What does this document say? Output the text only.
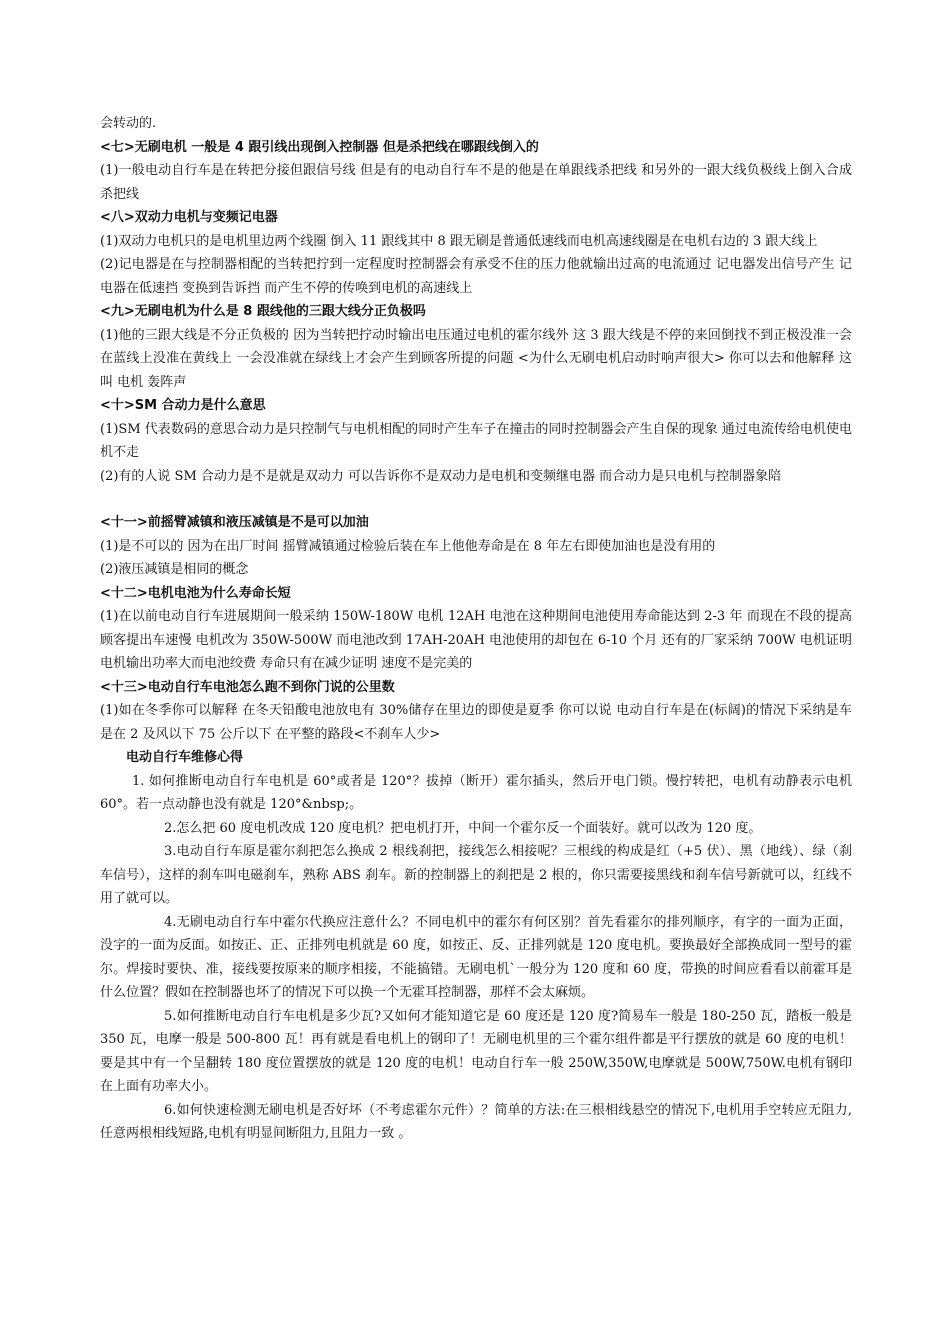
会转动的.

<七>无刷电机 一般是 4 跟引线出现倒入控制器 但是杀把线在哪跟线倒入的

(1)一般电动自行车是在转把分接但跟信号线 但是有的电动自行车不是的他是在单跟线杀把线 和另外的一跟大线负极线上倒入合成杀把线

<八>双动力电机与变频记电器

(1)双动力电机只的是电机里边两个线圈 倒入 11 跟线其中 8 跟无刷是普通低速线而电机高速线圈是在电机右边的 3 跟大线上

(2)记电器是在与控制器相配的当转把拧到一定程度时控制器会有承受不住的压力他就输出过高的电流通过 记电器发出信号产生 记电器在低速挡 变换到告诉挡 而产生不停的传唤到电机的高速线上

<九>无刷电机为什么是 8 跟线他的三跟大线分正负极吗

(1)他的三跟大线是不分正负极的 因为当转把拧动时输出电压通过电机的霍尔线外 这 3 跟大线是不停的来回倒找不到正极没准一会在蓝线上没准在黄线上 一会没准就在绿线上才会产生到顾客所提的问题 <为什么无刷电机启动时响声很大> 你可以去和他解释 这叫 电机 轰阵声

<十>SM 合动力是什么意思

(1)SM 代表数码的意思合动力是只控制气与电机相配的同时产生车子在撞击的同时控制器会产生自保的现象 通过电流传给电机使电机不走

(2)有的人说 SM 合动力是不是就是双动力 可以告诉你不是双动力是电机和变频继电器 而合动力是只电机与控制器象陪

<十一>前摇臂减镇和液压减镇是不是可以加油

(1)是不可以的 因为在出厂时间 摇臂减镇通过检验后装在车上他他寿命是在 8 年左右即使加油也是没有用的

(2)液压减镇是相同的概念

<十二>电机电池为什么寿命长短

(1)在以前电动自行车进展期间一般采纳 150W-180W 电机 12AH 电池在这种期间电池使用寿命能达到 2-3 年 而现在不段的提高顾客提出车速慢 电机改为 350W-500W 而电池改到 17AH-20AH 电池使用的却包在 6-10 个月 还有的厂家采纳 700W 电机证明电机输出功率大而电池绞费 寿命只有在减少证明 速度不是完美的

<十三>电动自行车电池怎么跑不到你门说的公里数

(1)如在冬季你可以解释 在冬天铅酸电池放电有 30%储存在里边的即使是夏季 你可以说 电动自行车是在(标阔)的情况下采纳是车 是在 2 及风以下 75 公斤以下 在平整的路段<不刹车人少>

电动自行车维修心得

1. 如何推断电动自行车电机是 60°或者是 120°？拔掉（断开）霍尔插头，然后开电门锁。慢拧转把，电机有动静表示电机 60°。若一点动静也没有就是 120°&nbsp;。

2.怎么把 60 度电机改成 120 度电机？把电机打开，中间一个霍尔反一个面装好。就可以改为 120 度。

3.电动自行车原是霍尔刹把怎么换成 2 根线刹把，接线怎么相接呢？三根线的构成是红（+5 伏）、黑（地线）、绿（刹车信号），这样的刹车叫电磁刹车，熟称 ABS 刹车。新的控制器上的刹把是 2 根的，你只需要接黑线和刹车信号新就可以，红线不用了就可以。

4.无刷电动自行车中霍尔代换应注意什么？不同电机中的霍尔有何区别？首先看霍尔的排列顺序，有字的一面为正面，没字的一面为反面。如按正、正、正排列电机就是 60 度，如按正、反、正排列就是 120 度电机。要换最好全部换成同一型号的霍尔。焊接时要快、准，接线要按原来的顺序相接，不能搞错。无刷电机`一般分为 120 度和 60 度，带换的时间应看看以前霍耳是什么位置？假如在控制器也坏了的情况下可以换一个无霍耳控制器，那样不会太麻烦。

5.如何推断电动自行车电机是多少瓦?又如何才能知道它是 60 度还是 120 度?简易车一般是 180-250 瓦，踏板一般是 350 瓦，电摩一般是 500-800 瓦！再有就是看电机上的钢印了！无刷电机里的三个霍尔组件都是平行摆放的就是 60 度的电机！要是其中有一个呈翻转 180 度位置摆放的就是 120 度的电机！电动自行车一般 250W,350W,电摩就是 500W,750W.电机有钢印在上面有功率大小。

6.如何快速检测无刷电机是否好坏（不考虑霍尔元件）？简单的方法:在三根相线悬空的情况下,电机用手空转应无阻力,任意两根相线短路,电机有明显间断阻力,且阻力一致 。
